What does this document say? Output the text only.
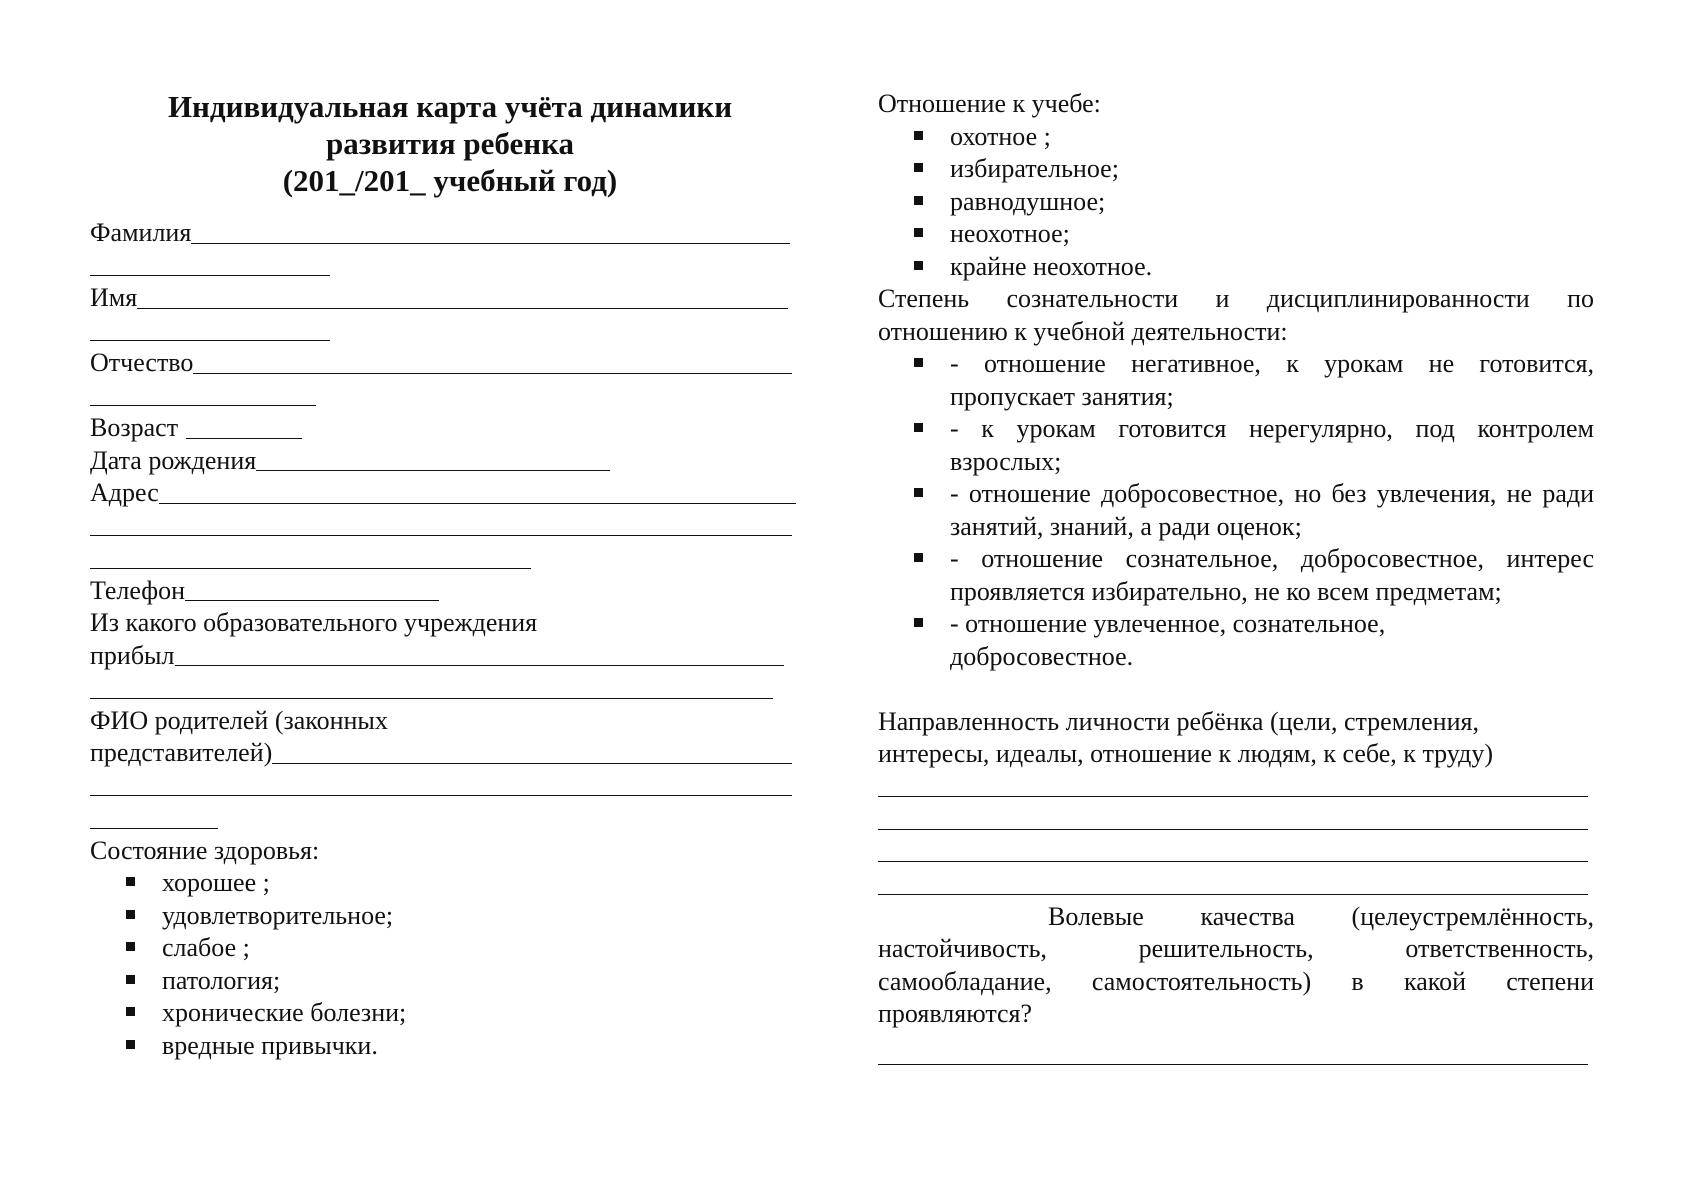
Индивидуальная карта учёта динамики
развития ребенка
(201_/201_ учебный год)
Фамилия
Имя
Отчество
Возраст
Дата рождения
Адрес
Телефон
Из какого образовательного учреждения
прибыл
ФИО родителей (законных
представителей)

Состояние здоровья:

хорошее ;
удовлетворительное;
слабое ;
патология;
хронические болезни;
вредные привычки.

Отношение к учебе:

охотное ;
избирательное;
равнодушное;
неохотное;
крайне неохотное.

Степень сознательности и дисциплинированности по отношению к учебной деятельности:

- отношение негативное, к урокам не готовится, пропускает занятия;
- к урокам готовится нерегулярно, под контролем взрослых;
- отношение добросовестное, но без увлечения, не ради занятий, знаний, а ради оценок;
- отношение сознательное, добросовестное, интерес проявляется избирательно, не ко всем предметам;
- отношение увлеченное, сознательное, добросовестное.

Направленность личности ребёнка (цели, стремления, интересы, идеалы, отношение к людям, к себе, к труду)

Волевые качества (целеустремлённость, настойчивость, решительность, ответственность, самообладание, самостоятельность) в какой степени проявляются?
